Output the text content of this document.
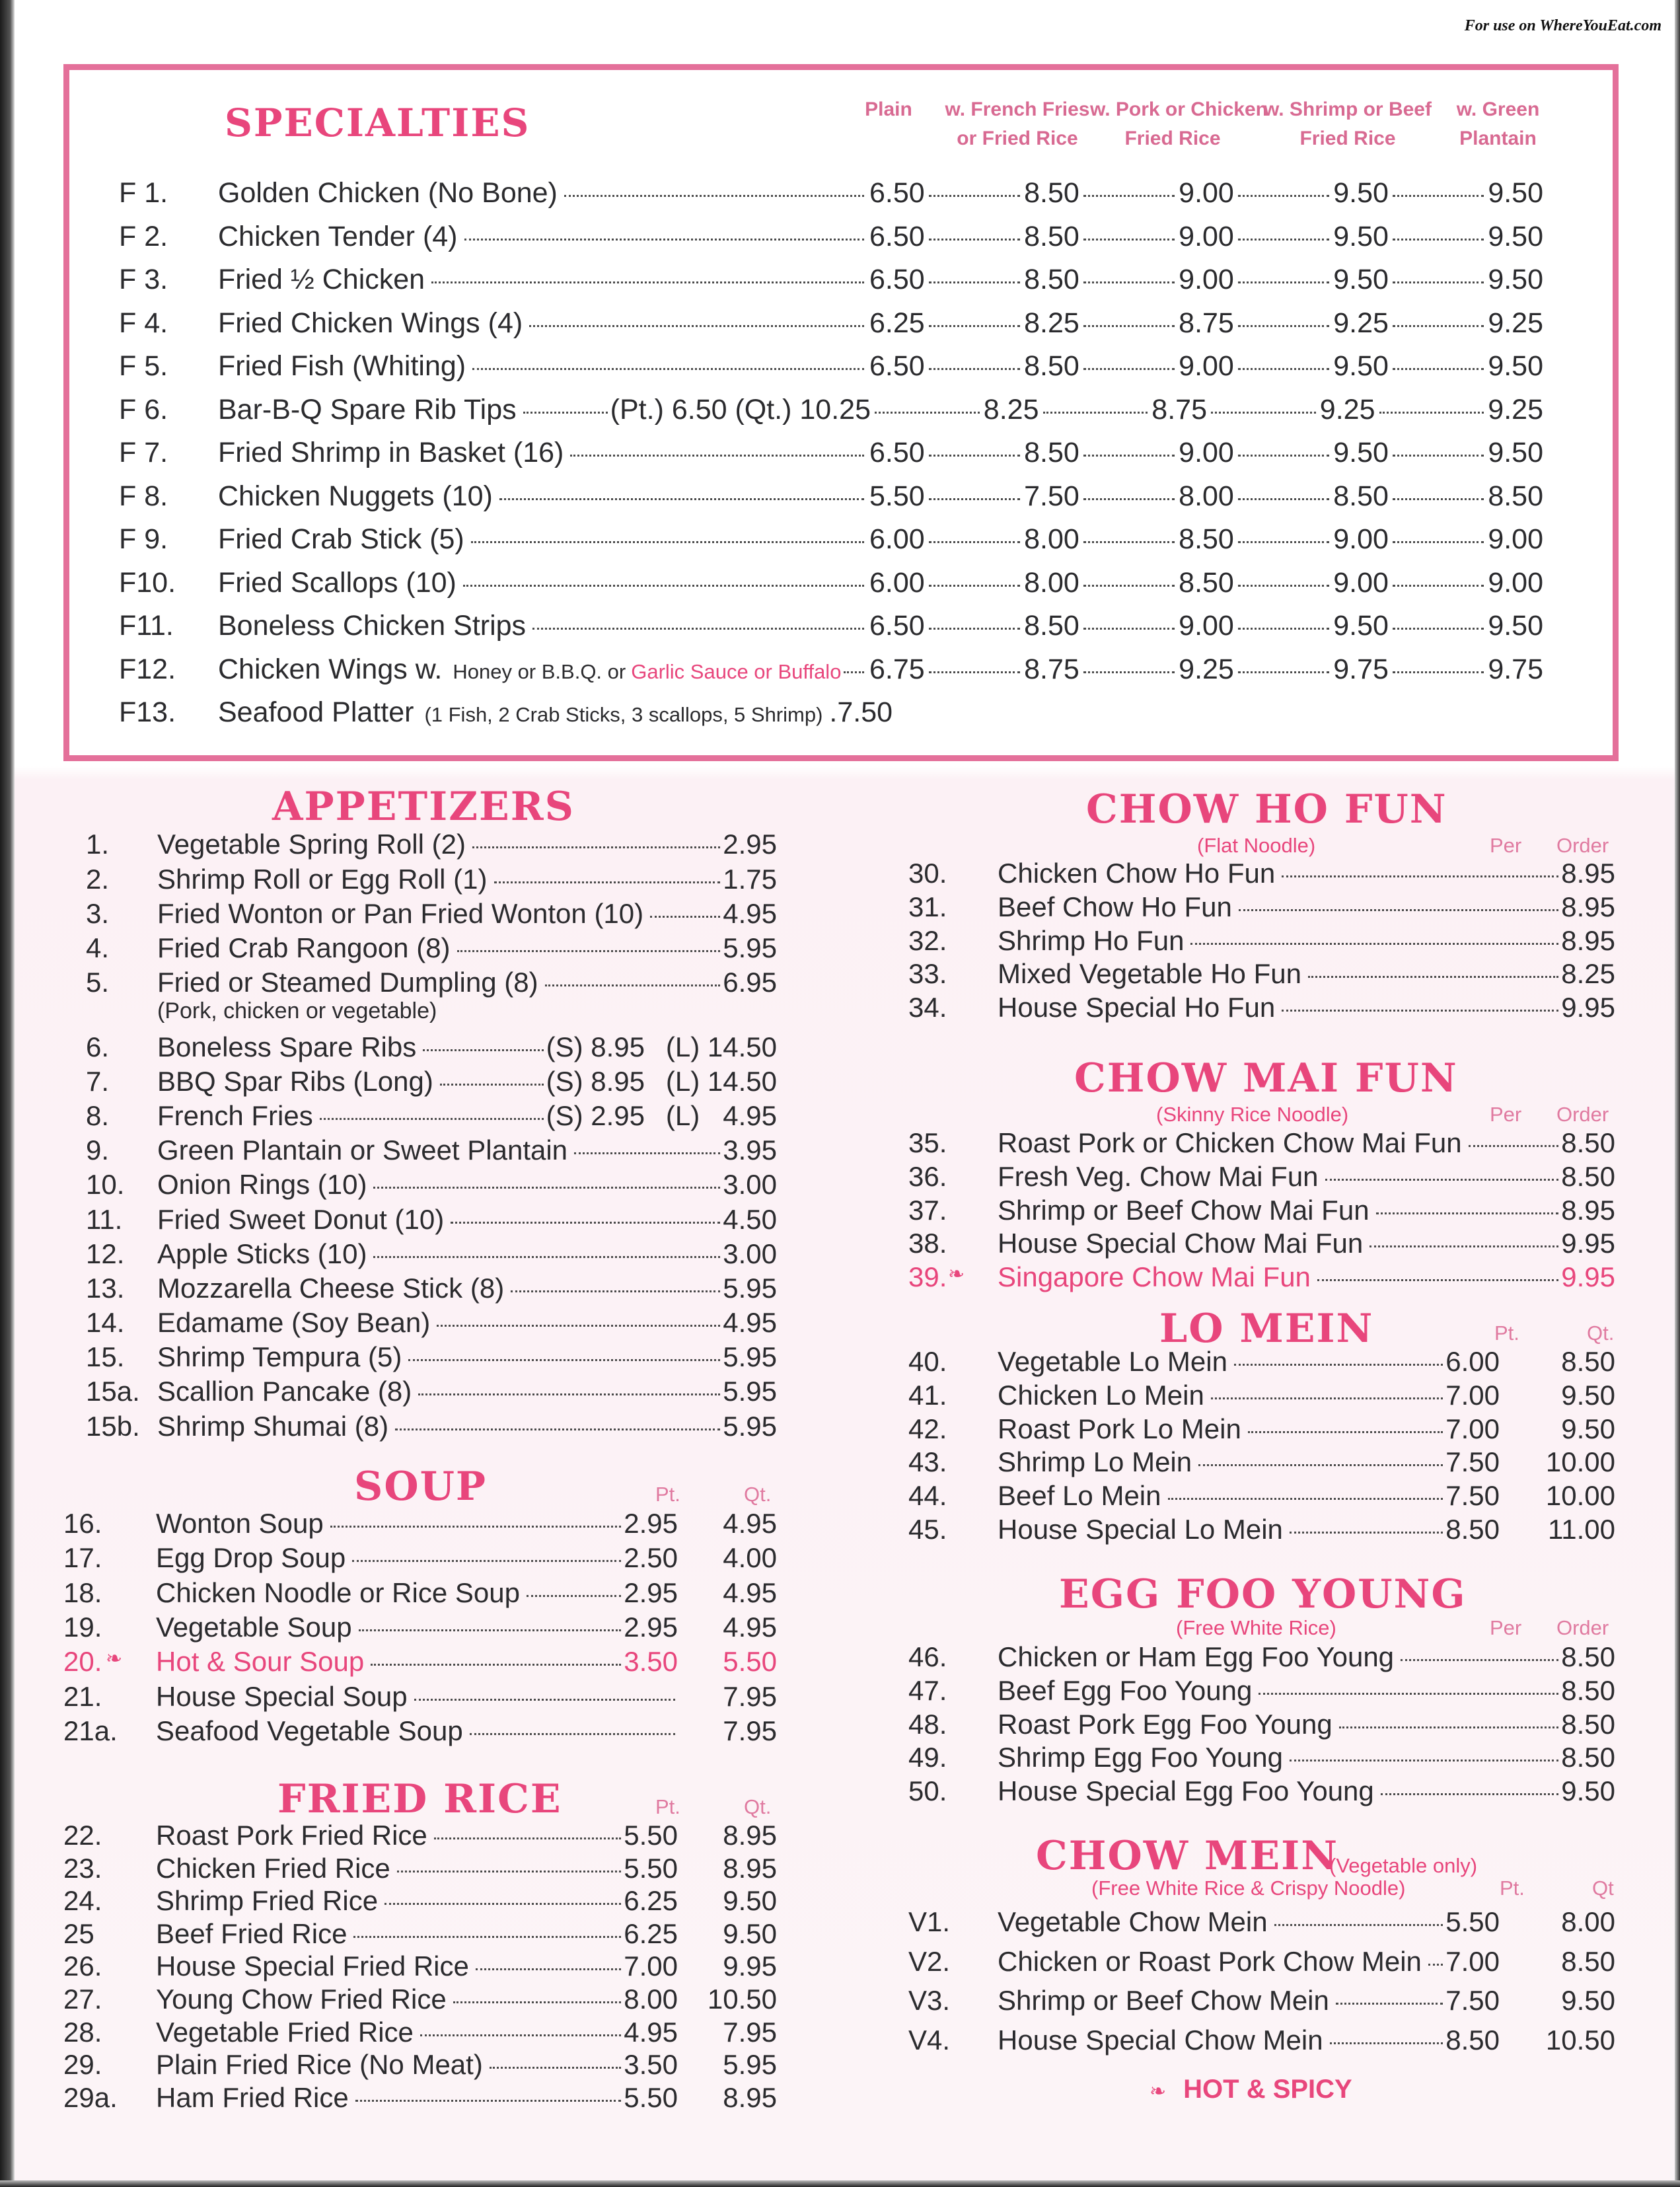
For use on WhereYouEat.com
SPECIALTIES	Plain	w. French Fries
or Fried Rice
w. Pork or Chicken
Fried Rice
w. Shrimp or Beef
Fried Rice
w. Green
Plantain
F 1.	Golden Chicken (No Bone)	6.50	8.50	9.00	9.50	9.50
F 2.	Chicken Tender (4)	6.50	8.50	9.00	9.50	9.50
F 3.	Fried ½ Chicken	6.50	8.50	9.00	9.50	9.50
F 4.	Fried Chicken Wings (4)	6.25	8.25	8.75	9.25	9.25
F 5.	Fried Fish (Whiting)	6.50	8.50	9.00	9.50	9.50
F 6.	Bar-B-Q Spare Rib Tips	(Pt.) 6.50 (Qt.) 10.25	8.25	8.75	9.25	9.25
F 7.	Fried Shrimp in Basket (16)	6.50	8.50	9.00	9.50	9.50
F 8.	Chicken Nuggets (10)	5.50	7.50	8.00	8.50	8.50
F 9.	Fried Crab Stick (5)	6.00	8.00	8.50	9.00	9.00
F10.	Fried Scallops (10)	6.00	8.00	8.50	9.00	9.00
F11.	Boneless Chicken Strips	6.50	8.50	9.00	9.50	9.50
F12.	Chicken Wings w. Honey or B.B.Q. or Garlic Sauce or Buffalo 6.75	8.75	9.25	9.75	9.75
F13.	Seafood Platter (1 Fish, 2 Crab Sticks, 3 scallops, 5 Shrimp) .7.50
APPETIZERS
1.	Vegetable Spring Roll (2)	2.95
2.	Shrimp Roll or Egg Roll (1)	1.75
3.	Fried Wonton or Pan Fried Wonton (10)	4.95
4.	Fried Crab Rangoon (8)	5.95
5.	Fried or Steamed Dumpling (8)	6.95
(Pork, chicken or vegetable)
6.	Boneless Spare Ribs	(S) 8.95 (L) 14.50
7.	BBQ Spar Ribs (Long)	(S) 8.95 (L) 14.50
8.	French Fries	(S) 2.95 (L)   4.95
9.	Green Plantain or Sweet Plantain	3.95
10.	Onion Rings (10)	3.00
11.	Fried Sweet Donut (10)	4.50
12.	Apple Sticks (10)	3.00
13.	Mozzarella Cheese Stick (8)	5.95
14.	Edamame (Soy Bean)	4.95
15.	Shrimp Tempura (5)	5.95
15a. Scallion Pancake (8)	5.95
15b. Shrimp Shumai (8)	5.95
SOUP	Pt.	Qt.
16.	Wonton Soup	2.95	4.95
17.	Egg Drop Soup	2.50	4.00
18.	Chicken Noodle or Rice Soup	2.95	4.95
19.	Vegetable Soup	2.95	4.95
20. ❧ Hot & Sour Soup	3.50	5.50
21.	House Special Soup	7.95
21a.	Seafood Vegetable Soup	7.95
FRIED RICE	Pt.	Qt.
22.	Roast Pork Fried Rice	5.50	8.95
23.	Chicken Fried Rice	5.50	8.95
24.	Shrimp Fried Rice	6.25	9.50
25	Beef Fried Rice	6.25	9.50
26.	House Special Fried Rice	7.00	9.95
27.	Young Chow Fried Rice	8.00	10.50
28.	Vegetable Fried Rice	4.95	7.95
29.	Plain Fried Rice (No Meat)	3.50	5.95
29a.	Ham Fried Rice	5.50	8.95
CHOW HO FUN
(Flat Noodle)	Per Order
30.	Chicken Chow Ho Fun	8.95
31.	Beef Chow Ho Fun	8.95
32.	Shrimp Ho Fun	8.95
33.	Mixed Vegetable Ho Fun	8.25
34.	House Special Ho Fun	9.95
CHOW MAI FUN
(Skinny Rice Noodle)	Per Order
35.	Roast Pork or Chicken Chow Mai Fun	8.50
36.	Fresh Veg. Chow Mai Fun	8.50
37.	Shrimp or Beef Chow Mai Fun	8.95
38.	House Special Chow Mai Fun	9.95
39. ❧ Singapore Chow Mai Fun	9.95
LO MEIN	Pt.	Qt.
40.	Vegetable Lo Mein	6.00	8.50
41.	Chicken Lo Mein	7.00	9.50
42.	Roast Pork Lo Mein	7.00	9.50
43.	Shrimp Lo Mein	7.50	10.00
44.	Beef Lo Mein	7.50	10.00
45.	House Special Lo Mein	8.50	11.00
EGG FOO YOUNG
(Free White Rice)	Per Order
46.	Chicken or Ham Egg Foo Young	8.50
47.	Beef Egg Foo Young	8.50
48.	Roast Pork Egg Foo Young	8.50
49.	Shrimp Egg Foo Young	8.50
50.	House Special Egg Foo Young	9.50
CHOW MEIN
(Vegetable only)
(Free White Rice & Crispy Noodle)	Pt.	Qt
V1.	Vegetable Chow Mein	5.50	8.00
V2.	Chicken or Roast Pork Chow Mein 7.00	8.50
V3.	Shrimp or Beef Chow Mein	7.50	9.50
V4.	House Special Chow Mein	8.50	10.50
❧ HOT & SPICY
